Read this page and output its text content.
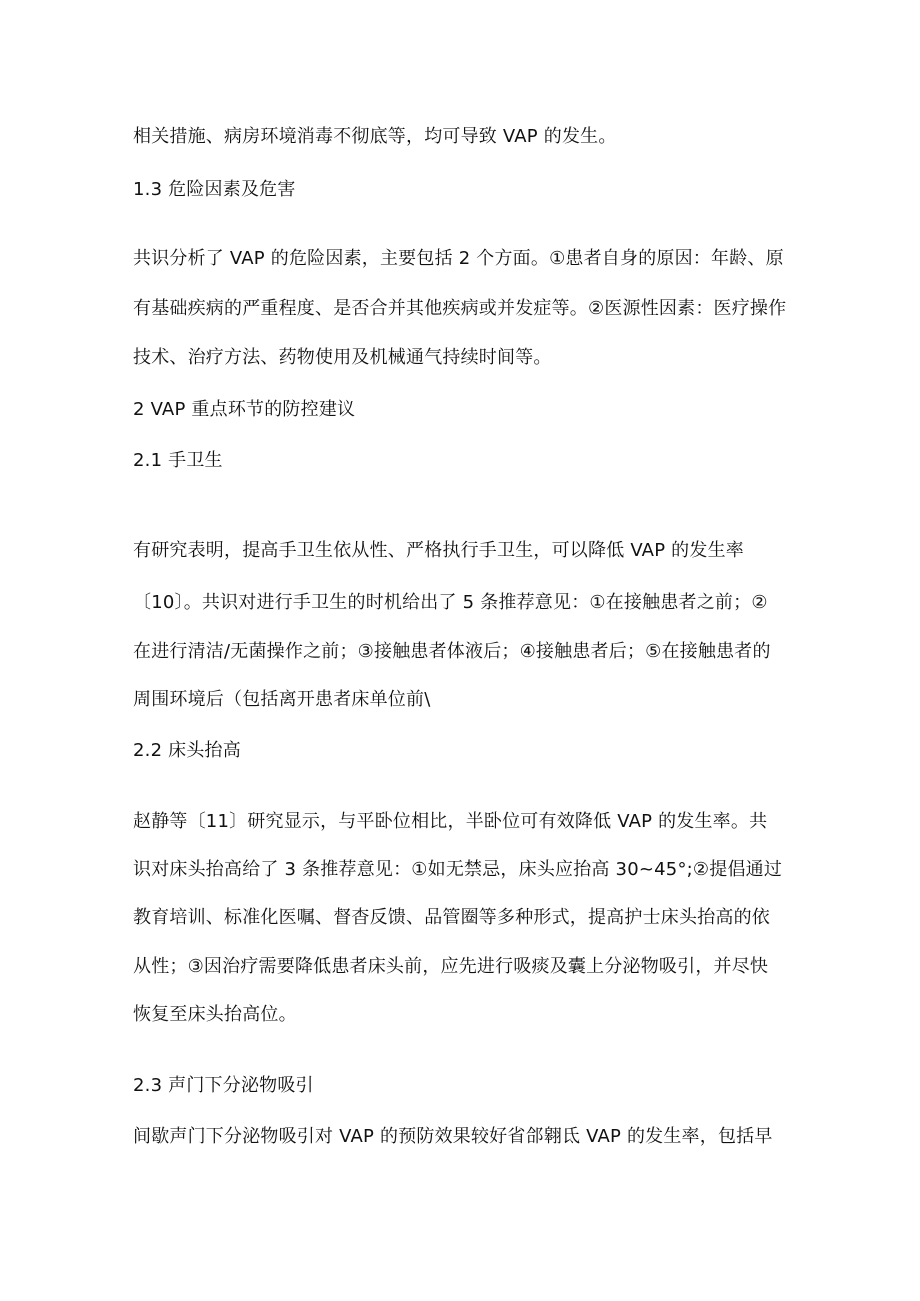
相关措施、病房环境消毒不彻底等，均可导致 VAP 的发生。
1.3 危险因素及危害
共识分析了 VAP 的危险因素，主要包括 2 个方面。①患者自身的原因：年龄、原
有基础疾病的严重程度、是否合并其他疾病或并发症等。②医源性因素：医疗操作
技术、治疗方法、药物使用及机械通气持续时间等。
2 VAP 重点环节的防控建议
2.1 手卫生
有研究表明，提高手卫生依从性、严格执行手卫生，可以降低 VAP 的发生率
〔10〕。共识对进行手卫生的时机给出了 5 条推荐意见：①在接触患者之前；②
在进行清洁/无菌操作之前；③接触患者体液后；④接触患者后；⑤在接触患者的
周围环境后（包括离开患者床单位前\
2.2 床头抬高
赵静等〔11〕研究显示，与平卧位相比，半卧位可有效降低 VAP 的发生率。共
识对床头抬高给了 3 条推荐意见：①如无禁忌，床头应抬高 30~45°;②提倡通过
教育培训、标准化医嘱、督杳反馈、品管圈等多种形式，提高护士床头抬高的依
从性；③因治疗需要降低患者床头前，应先进行吸痰及囊上分泌物吸引，并尽快
恢复至床头抬高位。
2.3 声门下分泌物吸引
间歇声门下分泌物吸引对 VAP 的预防效果较好省郃翱氐 VAP 的发生率，包括早
